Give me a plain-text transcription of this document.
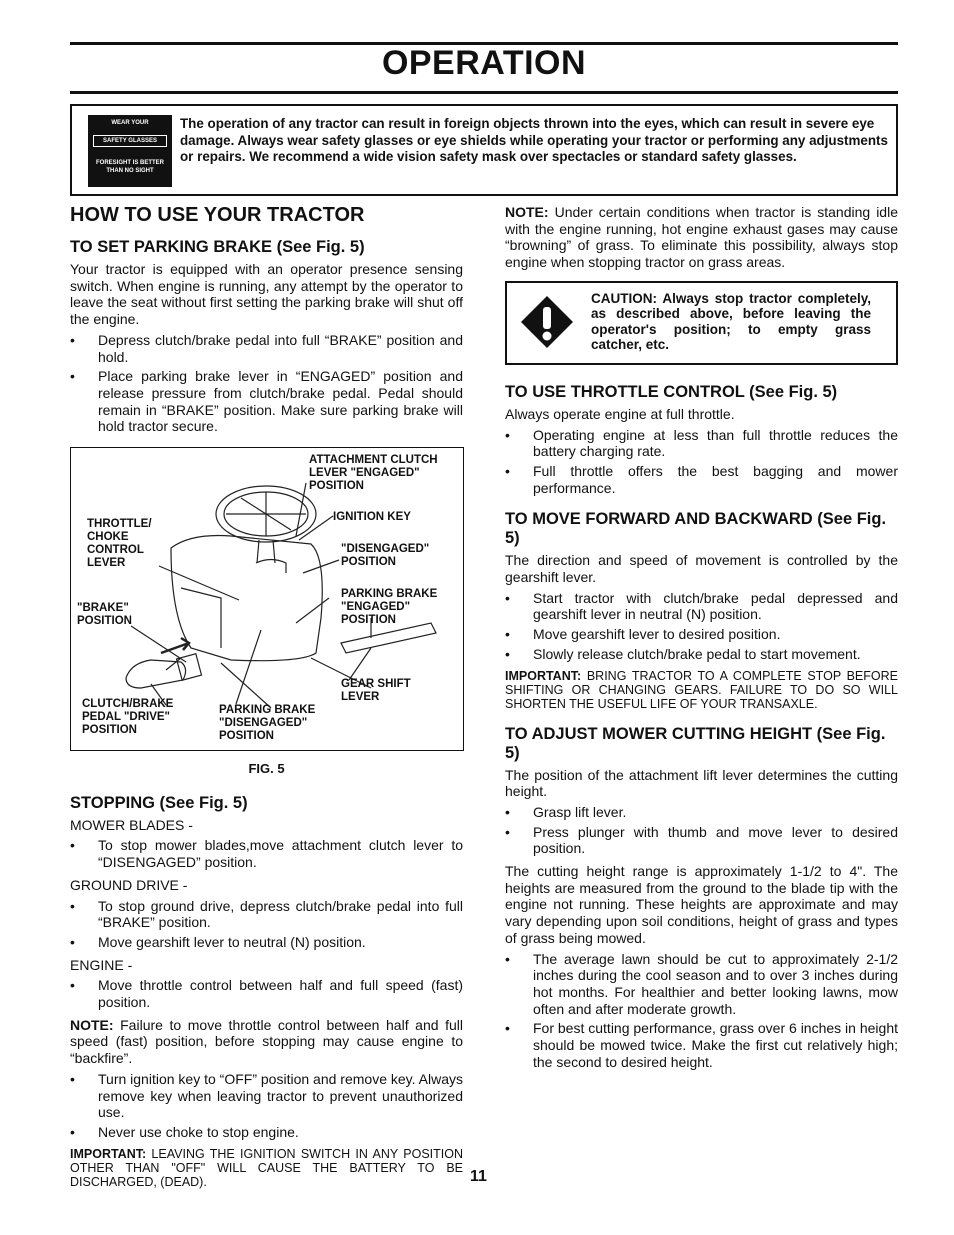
OPERATION
WEAR YOUR
SAFETY GLASSES
FORESIGHT IS BETTER
THAN NO SIGHT
The operation of any tractor can result in foreign objects thrown into the eyes, which can result in severe eye damage. Always wear safety glasses or eye shields while operating your tractor or performing any adjustments or repairs. We recommend a wide vision safety mask over spectacles or standard safety glasses.
HOW TO USE YOUR TRACTOR
TO SET PARKING BRAKE (See Fig. 5)

Your tractor is equipped with an operator presence sensing switch. When engine is running, any attempt by the operator to leave the seat without first setting the parking brake will shut off the engine.

• Depress clutch/brake pedal into full “BRAKE” position and hold.
• Place parking brake lever in “ENGAGED” position and release pressure from clutch/brake pedal. Pedal should remain in “BRAKE” position. Make sure parking brake will hold tractor secure.
ATTACHMENT CLUTCH LEVER "ENGAGED" POSITION
THROTTLE/ CHOKE CONTROL LEVER
IGNITION KEY
"DISENGAGED" POSITION
"BRAKE" POSITION
PARKING BRAKE "ENGAGED" POSITION
GEAR SHIFT LEVER
CLUTCH/BRAKE PEDAL "DRIVE" POSITION
PARKING BRAKE "DISENGAGED" POSITION
FIG. 5
STOPPING (See Fig. 5)

MOWER BLADES -

• To stop mower blades,move attachment clutch lever to “DISENGAGED” position.

GROUND DRIVE -

• To stop ground drive, depress clutch/brake pedal into full “BRAKE” position.
• Move gearshift lever to neutral (N) position.

ENGINE -

• Move throttle control between half and full speed (fast) position.

NOTE: Failure to move throttle control between half and full speed (fast) position, before stopping may cause engine to “backfire”.

• Turn ignition key to “OFF” position and remove key. Always remove key when leaving tractor to prevent unauthorized use.
• Never use choke to stop engine.
IMPORTANT: LEAVING THE IGNITION SWITCH IN ANY POSITION OTHER THAN "OFF" WILL CAUSE THE BATTERY TO BE DISCHARGED, (DEAD).

NOTE: Under certain conditions when tractor is standing idle with the engine running, hot engine exhaust gases may cause “browning” of grass. To eliminate this possibility, always stop engine when stopping tractor on grass areas.

CAUTION: Always stop tractor completely, as described above, before leaving the operator's position; to empty grass catcher, etc.
TO USE THROTTLE CONTROL (See Fig. 5)

Always operate engine at full throttle.

• Operating engine at less than full throttle reduces the battery charging rate.
• Full throttle offers the best bagging and mower performance.
TO MOVE FORWARD AND BACKWARD (See Fig. 5)

The direction and speed of movement is controlled by the gearshift lever.

• Start tractor with clutch/brake pedal depressed and gearshift lever in neutral (N) position.
• Move gearshift lever to desired position.
• Slowly release clutch/brake pedal to start movement.
IMPORTANT: BRING TRACTOR TO A COMPLETE STOP BEFORE SHIFTING OR CHANGING GEARS. FAILURE TO DO SO WILL SHORTEN THE USEFUL LIFE OF YOUR TRANSAXLE.
TO ADJUST MOWER CUTTING HEIGHT (See Fig. 5)

The position of the attachment lift lever determines the cutting height.

• Grasp lift lever.
• Press plunger with thumb and move lever to desired position.

The cutting height range is approximately 1-1/2 to 4". The heights are measured from the ground to the blade tip with the engine not running. These heights are approximate and may vary depending upon soil conditions, height of grass and types of grass being mowed.

• The average lawn should be cut to approximately 2-1/2 inches during the cool season and to over 3 inches during hot months. For healthier and better looking lawns, mow often and after moderate growth.
• For best cutting performance, grass over 6 inches in height should be mowed twice. Make the first cut relatively high; the second to desired height.
11
